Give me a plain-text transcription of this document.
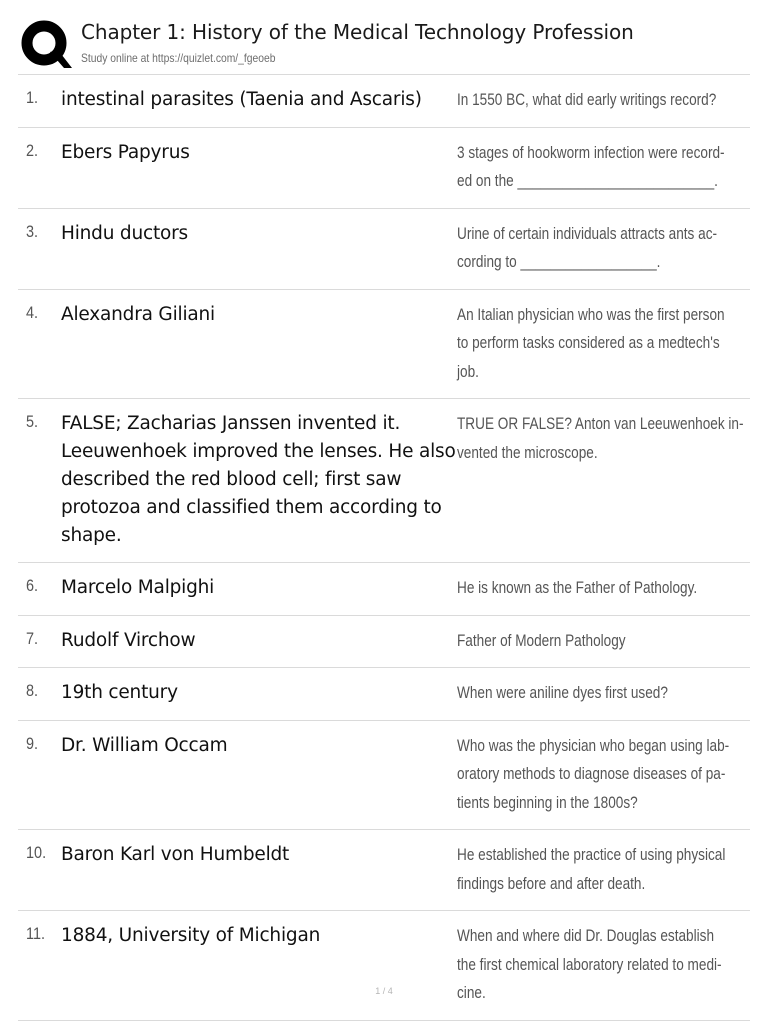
Chapter 1: History of the Medical Technology Profession
Study online at https://quizlet.com/_fgeoeb
1.	intestinal parasites (Taenia and Ascaris)	In 1550 BC, what did early writings record?
2.	Ebers Papyrus	3 stages of hookworm infection were record-
ed on the __________________________.
3.	Hindu ductors	Urine of certain individuals attracts ants ac-
cording to __________________.
4.	Alexandra Giliani	An Italian physician who was the first person
to perform tasks considered as a medtech's
job.
5.	FALSE; Zacharias Janssen invented it. Leeuwenhoek improved the lenses. He also described the red blood cell; first saw protozoa and classified them according to shape.
TRUE OR FALSE? Anton van Leeuwenhoek in-
vented the microscope.
6.	Marcelo Malpighi	He is known as the Father of Pathology.
7.	Rudolf Virchow	Father of Modern Pathology
8.	19th century	When were aniline dyes first used?
9.	Dr. William Occam	Who was the physician who began using lab-
oratory methods to diagnose diseases of pa-
tients beginning in the 1800s?
10. Baron Karl von Humbeldt	He established the practice of using physical
findings before and after death.
11. 1884, University of Michigan	When and where did Dr. Douglas establish
the first chemical laboratory related to medi-
cine.
1 / 4
